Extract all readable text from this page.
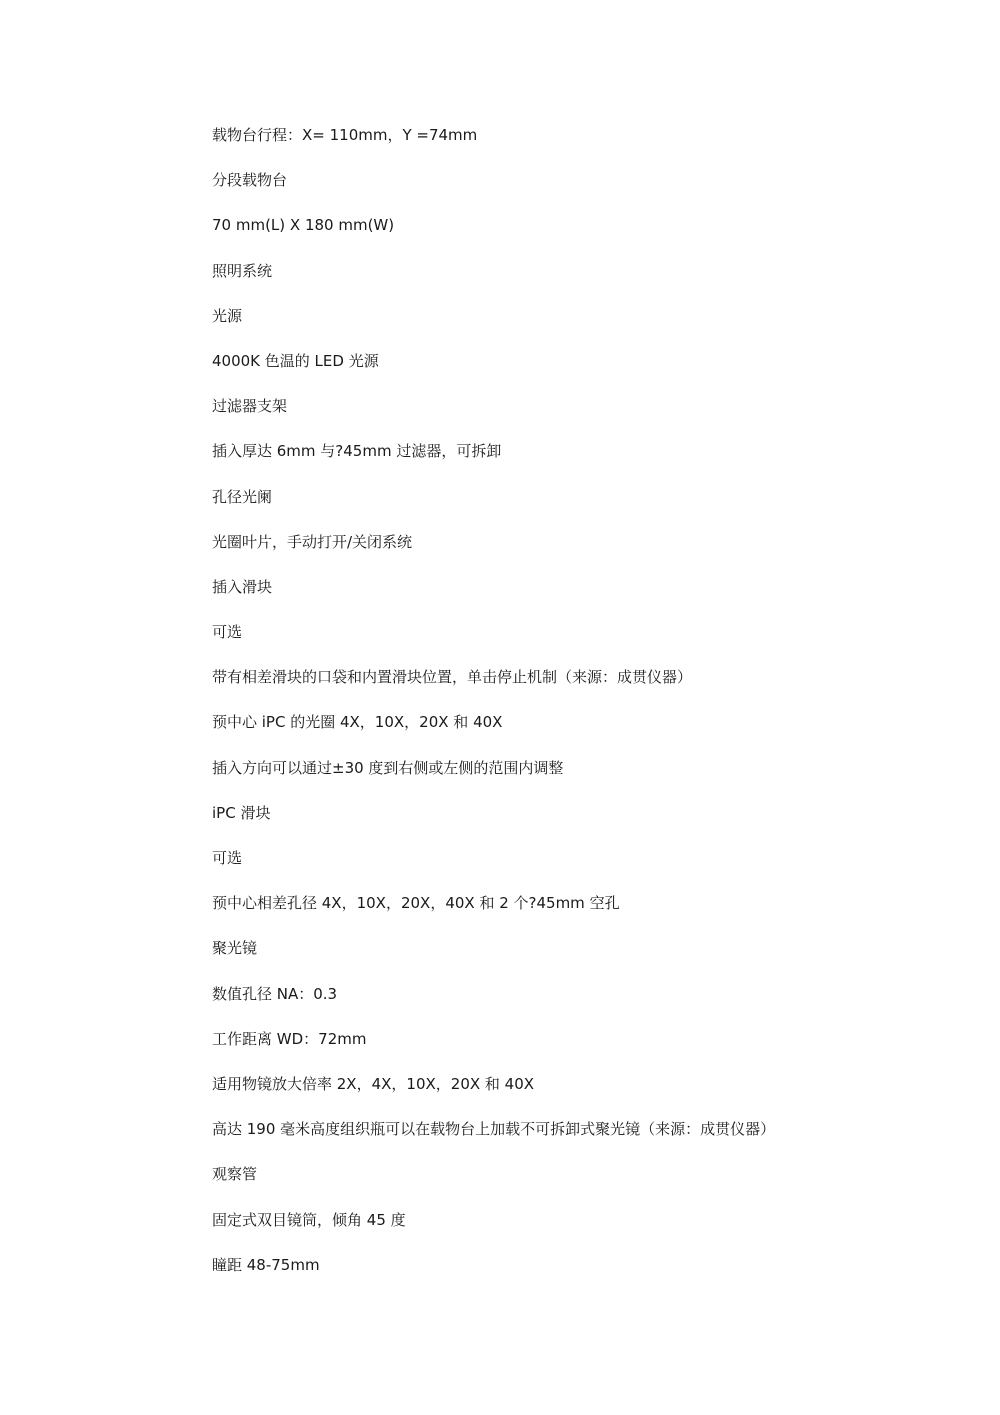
载物台行程：X= 110mm，Y =74mm
分段载物台
70 mm(L) X 180 mm(W)
照明系统
光源
4000K 色温的 LED 光源
过滤器支架
插入厚达 6mm 与?45mm 过滤器，可拆卸
孔径光阑
光圈叶片，手动打开/关闭系统
插入滑块
可选
带有相差滑块的口袋和内置滑块位置，单击停止机制（来源：成贯仪器）
预中心 iPC 的光圈 4X，10X，20X 和 40X
插入方向可以通过±30 度到右侧或左侧的范围内调整
iPC 滑块
可选
预中心相差孔径 4X，10X，20X，40X 和 2 个?45mm 空孔
聚光镜
数值孔径 NA：0.3
工作距离 WD：72mm
适用物镜放大倍率 2X，4X，10X，20X 和 40X
高达 190 毫米高度组织瓶可以在载物台上加载不可拆卸式聚光镜（来源：成贯仪器）
观察管
固定式双目镜筒，倾角 45 度
瞳距 48-75mm
